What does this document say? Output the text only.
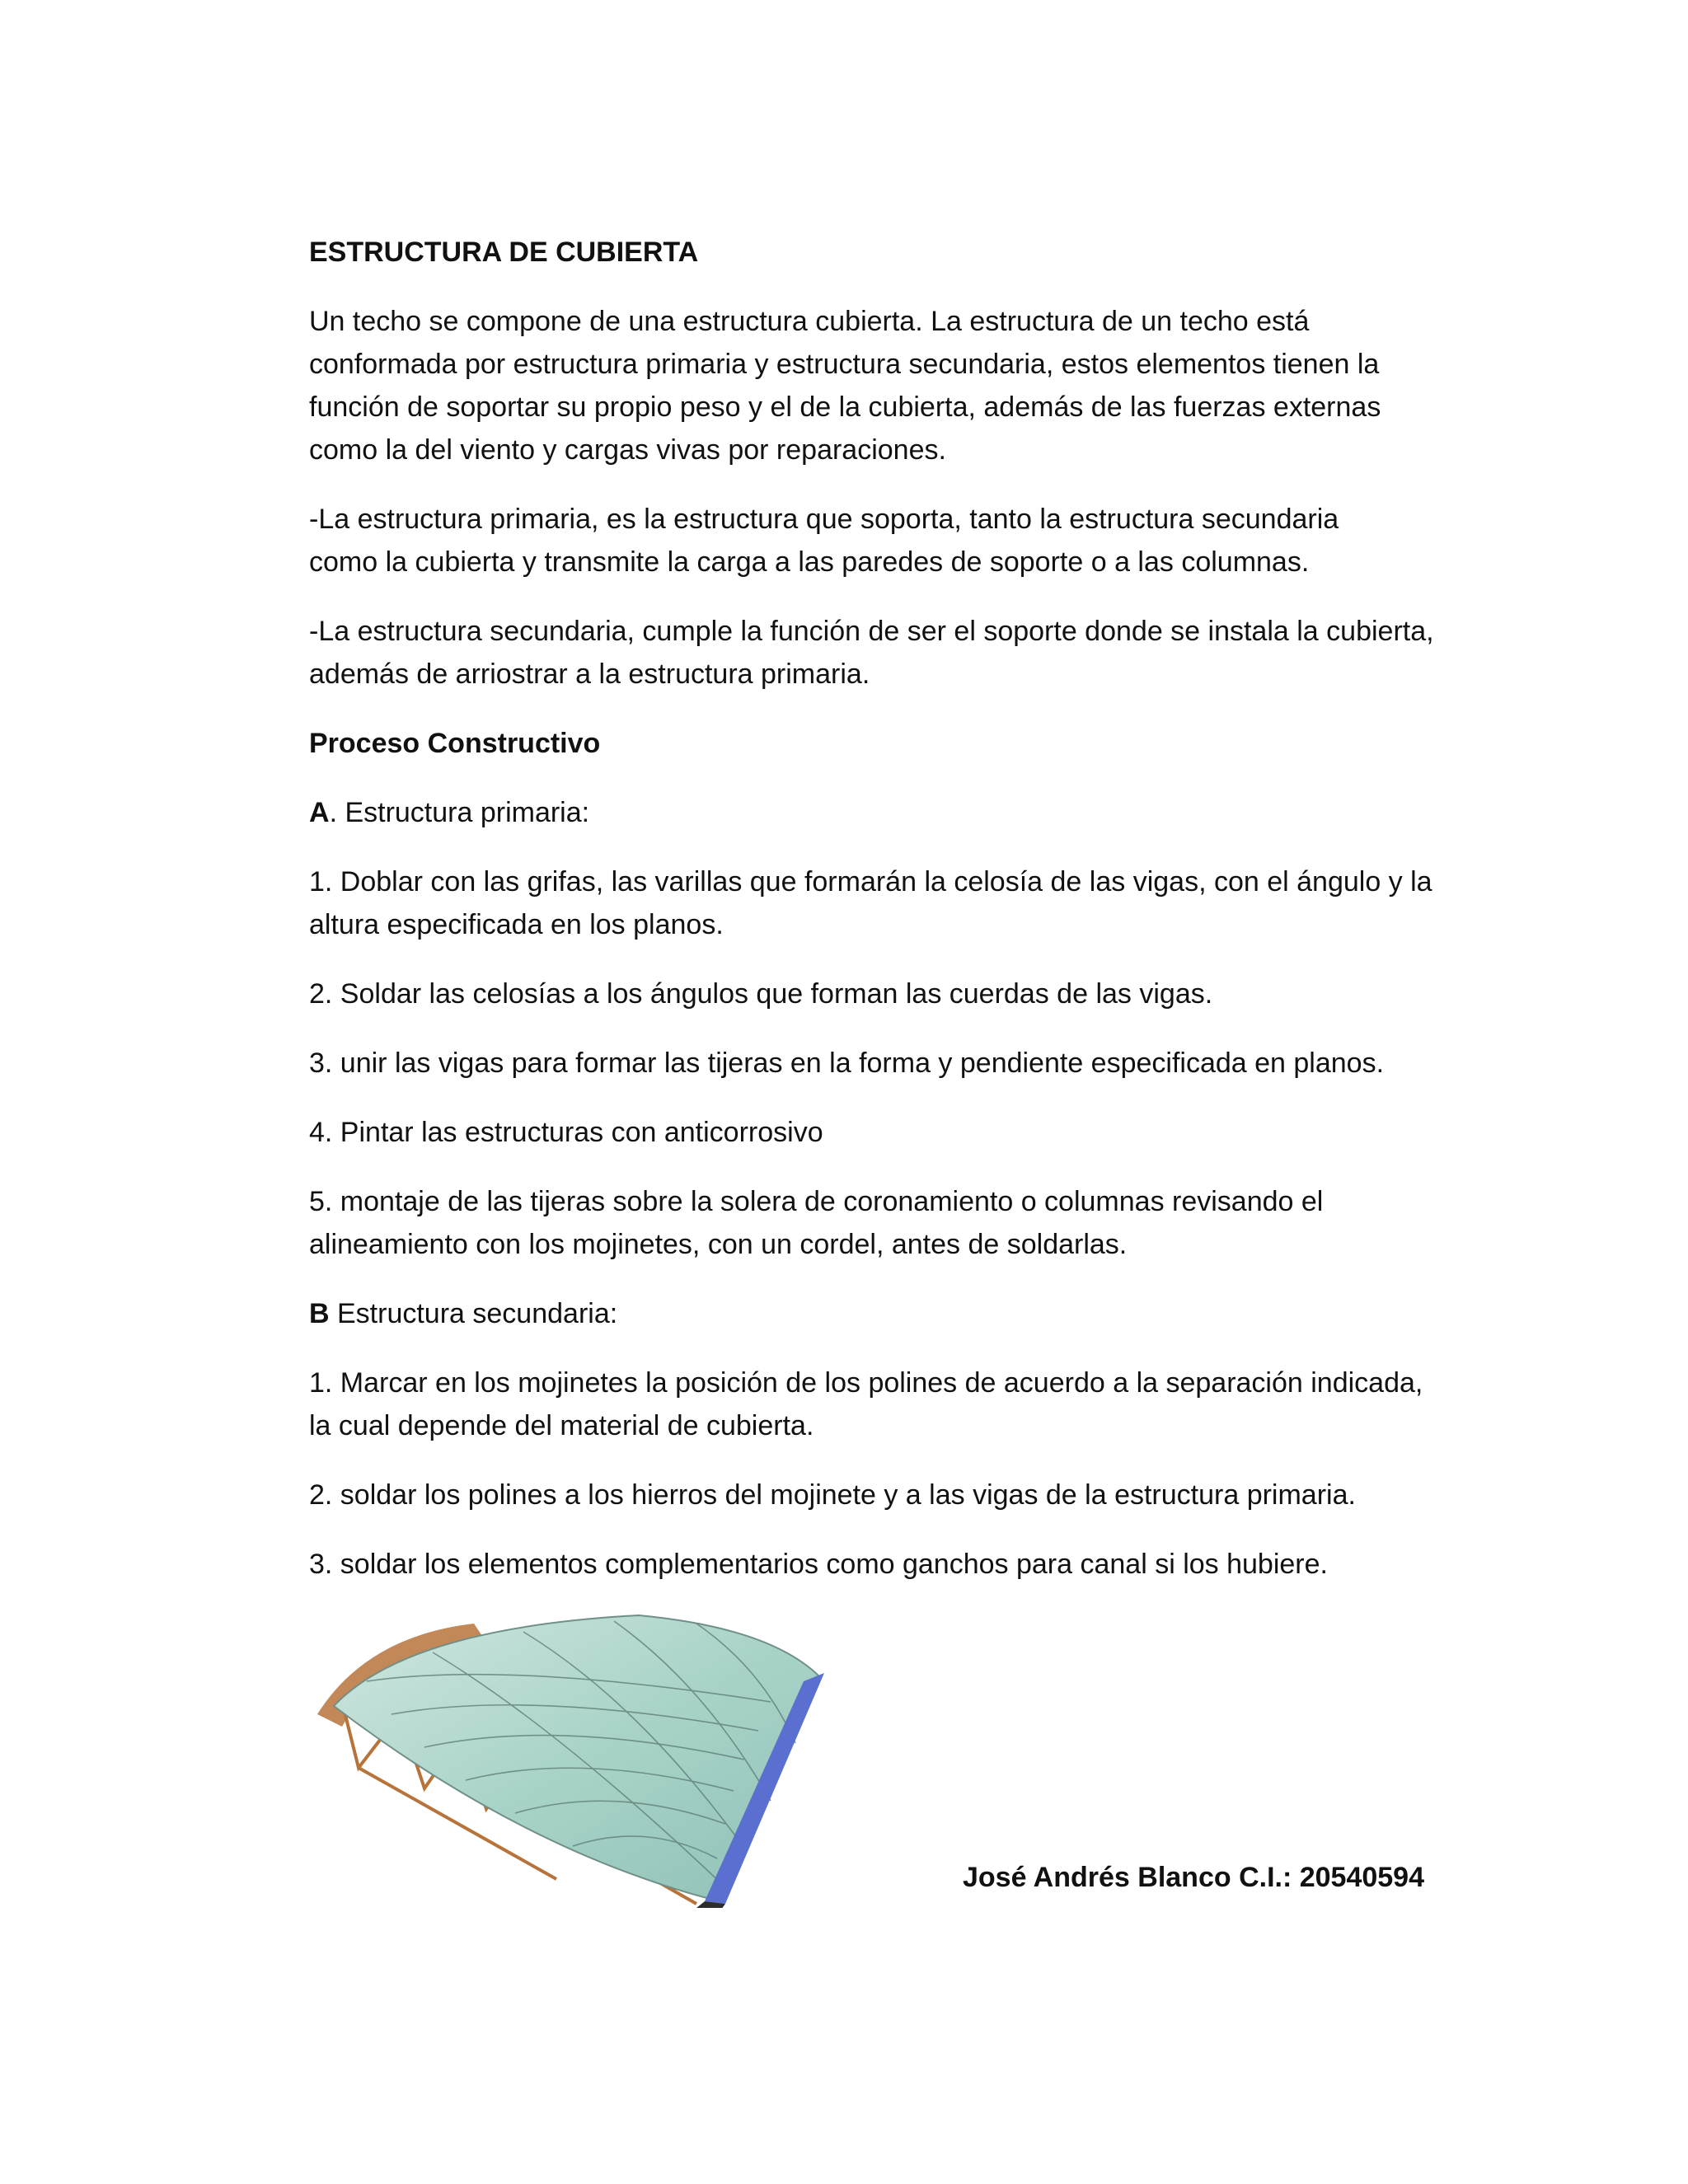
ESTRUCTURA DE CUBIERTA

Un techo se compone de una estructura cubierta. La estructura de un techo está conformada por estructura primaria y estructura secundaria, estos elementos tienen la función de soportar su propio peso y el de la cubierta, además de las fuerzas externas como la del viento y cargas vivas por reparaciones.

-La estructura primaria, es la estructura que soporta, tanto la estructura secundaria
como la cubierta y transmite la carga a las paredes de soporte o a las columnas.

-La estructura secundaria, cumple la función de ser el soporte donde se instala la cubierta, además de arriostrar a la estructura primaria.

Proceso Constructivo

A. Estructura primaria:

1. Doblar con las grifas, las varillas que formarán la celosía de las vigas, con el ángulo y la altura especificada en los planos.

2. Soldar las celosías a los ángulos que forman las cuerdas de las vigas.

3. unir las vigas para formar las tijeras en la forma y pendiente especificada en planos.

4. Pintar las estructuras con anticorrosivo

5. montaje de las tijeras sobre la solera de coronamiento o columnas revisando el alineamiento con los mojinetes, con un cordel, antes de soldarlas.

B Estructura secundaria:

1. Marcar en los mojinetes la posición de los polines de acuerdo a la separación indicada, la cual depende del material de cubierta.

2. soldar los polines a los hierros del mojinete y a las vigas de la estructura primaria.

3. soldar los elementos complementarios como ganchos para canal si los hubiere.

José Andrés Blanco C.I.: 20540594
